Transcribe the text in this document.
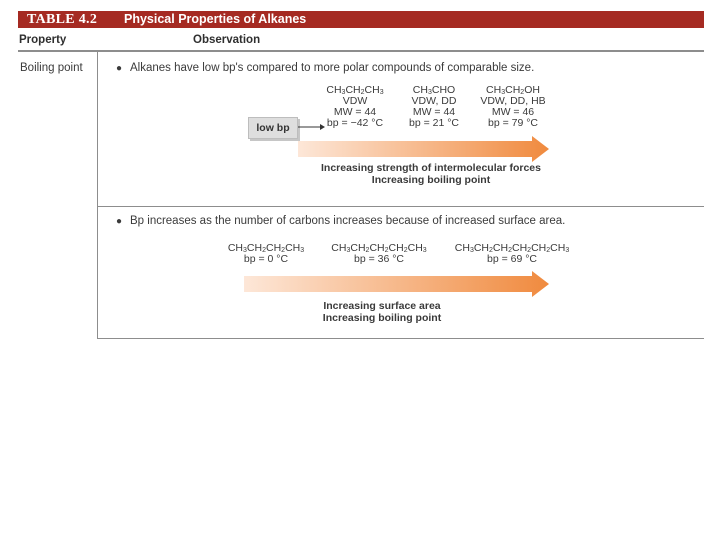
TABLE 4.2 Physical Properties of Alkanes
Property	Observation
Boiling point	● Alkanes have low bp's compared to more polar compounds of comparable size.
$CH_3CH_2CH_3$
VDW
MW = 44
bp = −42 °C
$CH_3CHO$
VDW, DD
MW = 44
bp = 21 °C
$CH_3CH_2OH$
VDW, DD, HB
MW = 46
bp = 79 °C
low bp
Increasing strength of intermolecular forces
Increasing boiling point
● Bp increases as the number of carbons increases because of increased surface area.
$CH_3CH_2CH_2CH_3$
bp = 0 °C
$CH_3CH_2CH_2CH_2CH_3$
bp = 36 °C
$CH_3CH_2CH_2CH_2CH_2CH_3$
bp = 69 °C
Increasing surface area
Increasing boiling point
